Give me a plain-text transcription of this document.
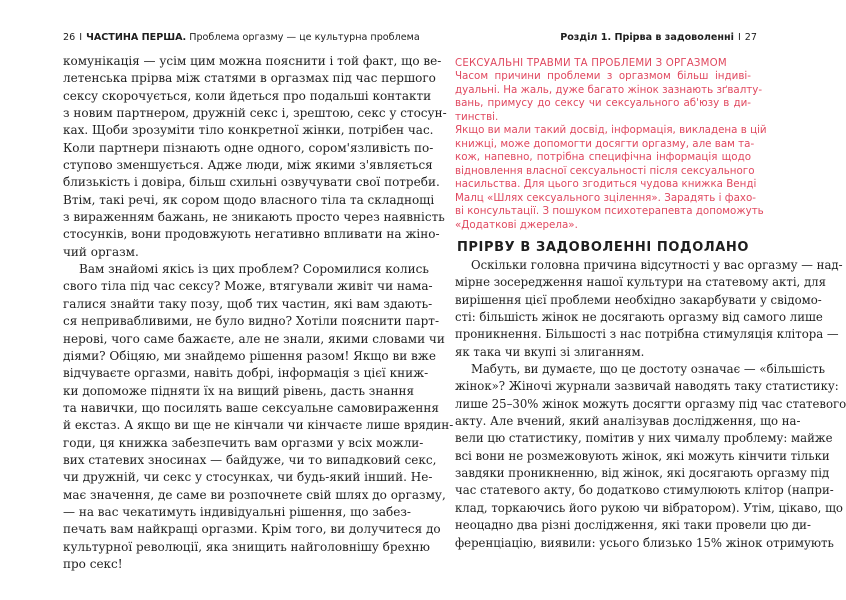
26 I ЧАСТИНА ПЕРША. Проблема оргазму — це культурна проблема
комунікація — усім цим можна пояснити і той факт, що ве-
летенська прірва між статями в оргазмах під час першого
сексу скорочується, коли йдеться про подальші контакти
з новим партнером, дружній секс і, зрештою, секс у стосун-
ках. Щоби зрозуміти тіло конкретної жінки, потрібен час.
Коли партнери пізнають одне одного, сором'язливість по-
ступово зменшується. Адже люди, між якими з'являється
близькість і довіра, більш схильні озвучувати свої потреби.
Втім, такі речі, як сором щодо власного тіла та складнощі
з вираженням бажань, не зникають просто через наявність
стосунків, вони продовжують негативно впливати на жіно-
чий оргазм.
Вам знайомі якісь із цих проблем? Соромилися колись
свого тіла під час сексу? Може, втягували живіт чи нама-
галися знайти таку позу, щоб тих частин, які вам здають-
ся непривабливими, не було видно? Хотіли пояснити парт-
нерові, чого саме бажаєте, але не знали, якими словами чи
діями? Обіцяю, ми знайдемо рішення разом! Якщо ви вже
відчуваєте оргазми, навіть добрі, інформація з цієї книж-
ки допоможе підняти їх на вищий рівень, дасть знання
та навички, що посилять ваше сексуальне самовираження
й екстаз. А якщо ви ще не кінчали чи кінчаєте лише врядин-
годи, ця книжка забезпечить вам оргазми у всіх можли-
вих статевих зносинах — байдуже, чи то випадковий секс,
чи дружній, чи секс у стосунках, чи будь-який інший. Не-
має значення, де саме ви розпочнете свій шлях до оргазму,
— на вас чекатимуть індивідуальні рішення, що забез-
печать вам найкращі оргазми. Крім того, ви долучитеся до
культурної революції, яка знищить найголовнішу брехню
про секс!
Розділ 1. Прірва в задоволенні I 27
СЕКСУАЛЬНІ ТРАВМИ ТА ПРОБЛЕМИ З ОРГАЗМОМ
Часом причини проблеми з оргазмом більш індиві-
дуальні. На жаль, дуже багато жінок зазнають зґвалту-
вань, примусу до сексу чи сексуального аб'юзу в ди-
тинстві.
Якщо ви мали такий досвід, інформація, викладена в цій
книжці, може допомогти досягти оргазму, але вам та-
кож, напевно, потрібна специфічна інформація щодо
відновлення власної сексуальності після сексуального
насильства. Для цього згодиться чудова книжка Венді
Малц «Шлях сексуального зцілення». Зарадять і фахо-
ві консультації. З пошуком психотерапевта допоможуть
«Додаткові джерела».
ПРІРВУ В ЗАДОВОЛЕННІ ПОДОЛАНО
Оскільки головна причина відсутності у вас оргазму — над-
мірне зосередження нашої культури на статевому акті, для
вирішення цієї проблеми необхідно закарбувати у свідомо-
сті: більшість жінок не досягають оргазму від самого лише
проникнення. Більшості з нас потрібна стимуляція клітора —
як така чи вкупі зі злиганням.
Мабуть, ви думаєте, що це достоту означає — «більшість
жінок»? Жіночі журнали зазвичай наводять таку статистику:
лише 25–30% жінок можуть досягти оргазму під час статевого
акту. Але вчений, який аналізував дослідження, що на-
вели цю статистику, помітив у них чималу проблему: майже
всі вони не розмежовують жінок, які можуть кінчити тільки
завдяки проникненню, від жінок, які досягають оргазму під
час статевого акту, бо додатково стимулюють клітор (напри-
клад, торкаючись його рукою чи вібратором). Утім, цікаво, що
неоцадно два різні дослідження, які таки провели цю ди-
ференціацію, виявили: усього близько 15% жінок отримують
